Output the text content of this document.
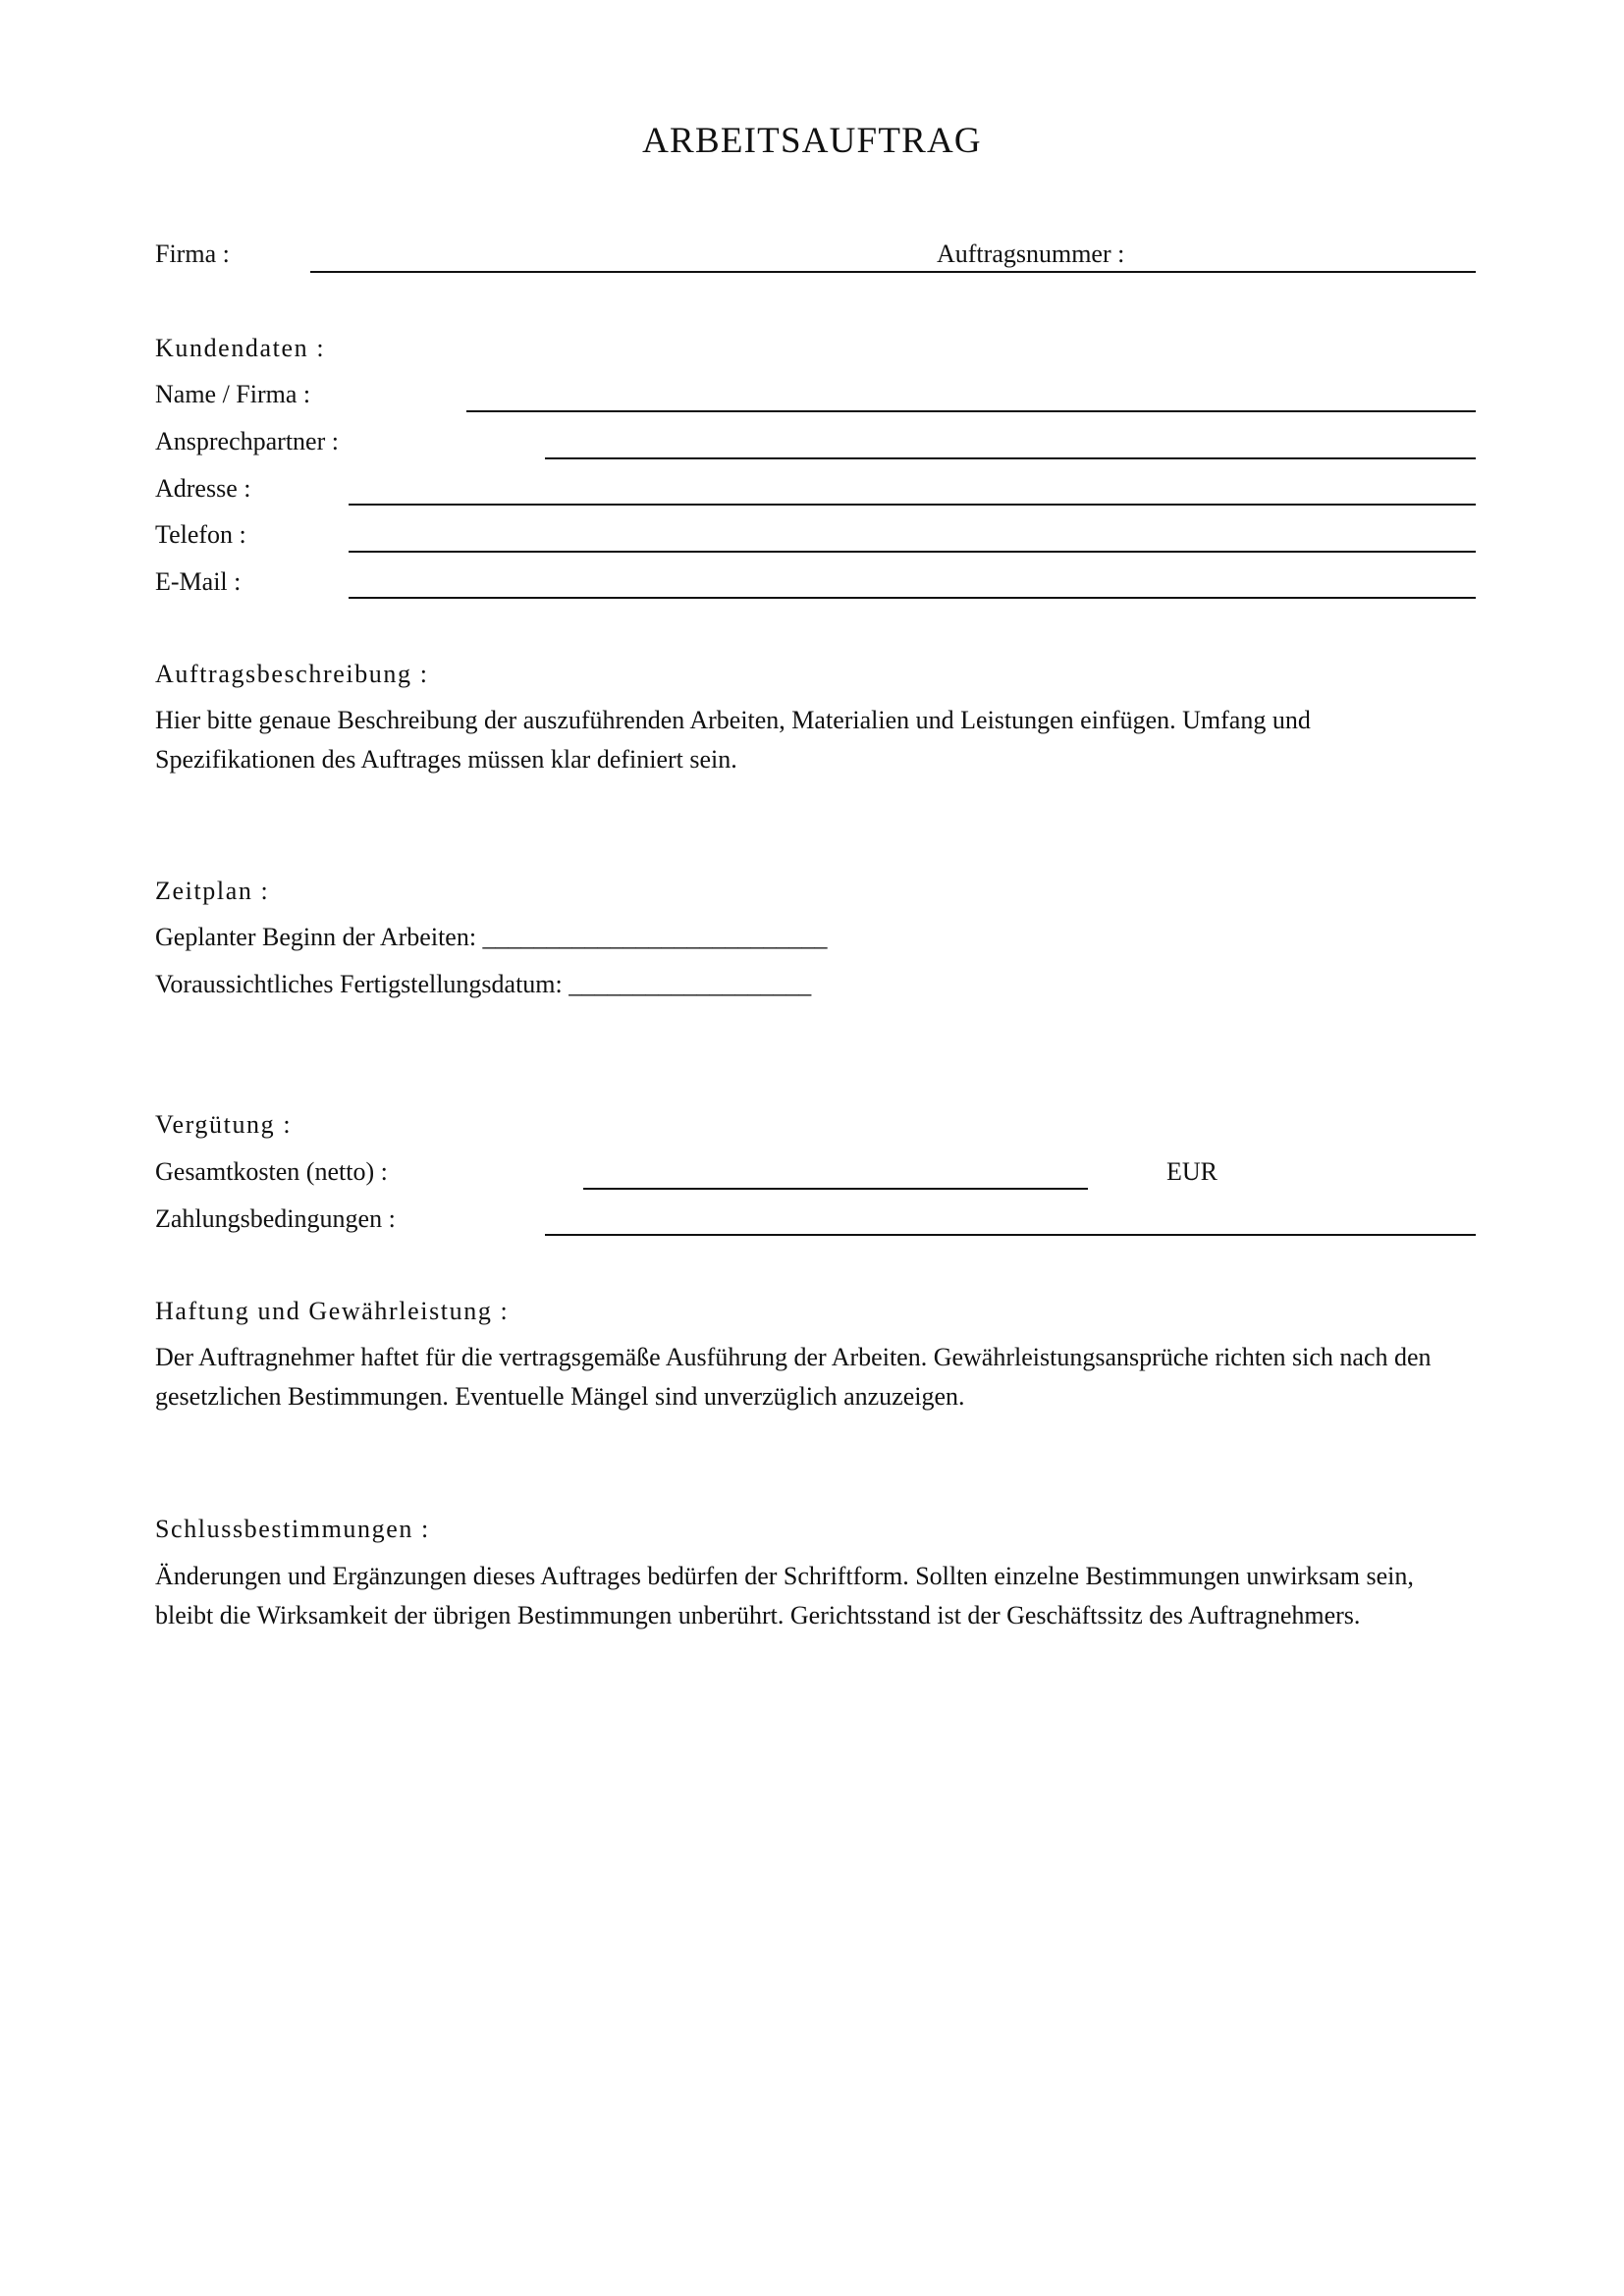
ARBEITSAUFTRAG
Firma :	Auftragsnummer :
Kundendaten :
Name / Firma :
Ansprechpartner :
Adresse :
Telefon :
E-Mail :
Auftragsbeschreibung :
Hier bitte genaue Beschreibung der auszuführenden Arbeiten, Materialien und Leistungen einfügen. Umfang und Spezifikationen des Auftrages müssen klar definiert sein.
Zeitplan :
Geplanter Beginn der Arbeiten: ___________________________
Voraussichtliches Fertigstellungsdatum: ___________________
Vergütung :
Gesamtkosten (netto) :	EUR
Zahlungsbedingungen :
Haftung und Gewährleistung :
Der Auftragnehmer haftet für die vertragsgemäße Ausführung der Arbeiten. Gewährleistungsansprüche richten sich nach den gesetzlichen Bestimmungen. Eventuelle Mängel sind unverzüglich anzuzeigen.
Schlussbestimmungen :
Änderungen und Ergänzungen dieses Auftrages bedürfen der Schriftform. Sollten einzelne Bestimmungen unwirksam sein, bleibt die Wirksamkeit der übrigen Bestimmungen unberührt. Gerichtsstand ist der Geschäftssitz des Auftragnehmers.
